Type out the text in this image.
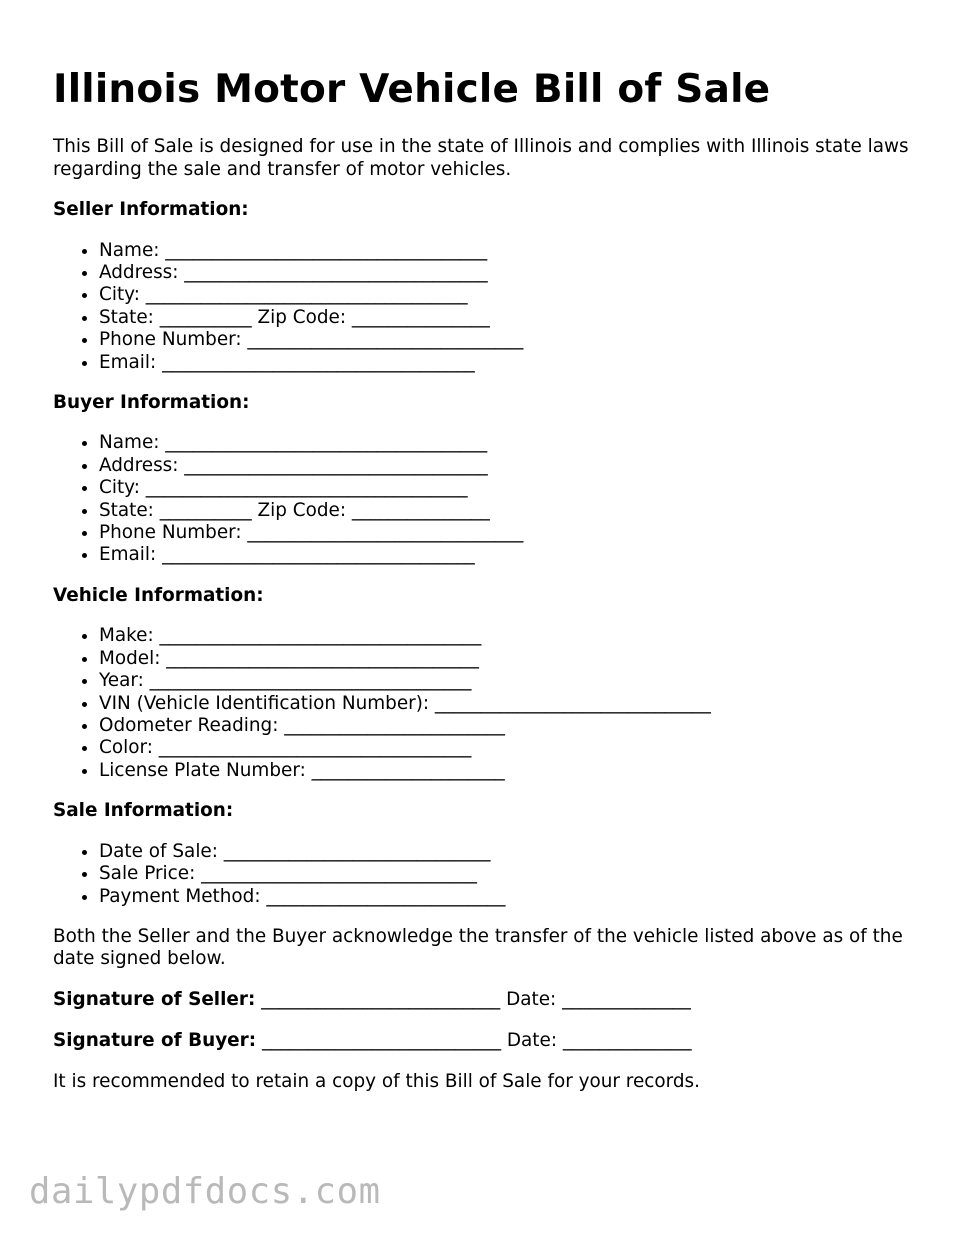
Illinois Motor Vehicle Bill of Sale

This Bill of Sale is designed for use in the state of Illinois and complies with Illinois state laws regarding the sale and transfer of motor vehicles.

Seller Information:
• Name: ___________________________________
• Address: _________________________________
• City: ___________________________________
• State: __________ Zip Code: _______________
• Phone Number: ______________________________
• Email: __________________________________
Buyer Information:
• Name: ___________________________________
• Address: _________________________________
• City: ___________________________________
• State: __________ Zip Code: _______________
• Phone Number: ______________________________
• Email: __________________________________
Vehicle Information:
• Make: ___________________________________
• Model: __________________________________
• Year: ___________________________________
• VIN (Vehicle Identification Number): ______________________________
• Odometer Reading: ________________________
• Color: __________________________________
• License Plate Number: _____________________
Sale Information:
• Date of Sale: _____________________________
• Sale Price: ______________________________
• Payment Method: __________________________

Both the Seller and the Buyer acknowledge the transfer of the vehicle listed above as of the date signed below.

Signature of Seller: __________________________ Date: ______________
Signature of Buyer: __________________________ Date: ______________

It is recommended to retain a copy of this Bill of Sale for your records.

dailypdfdocs.com
